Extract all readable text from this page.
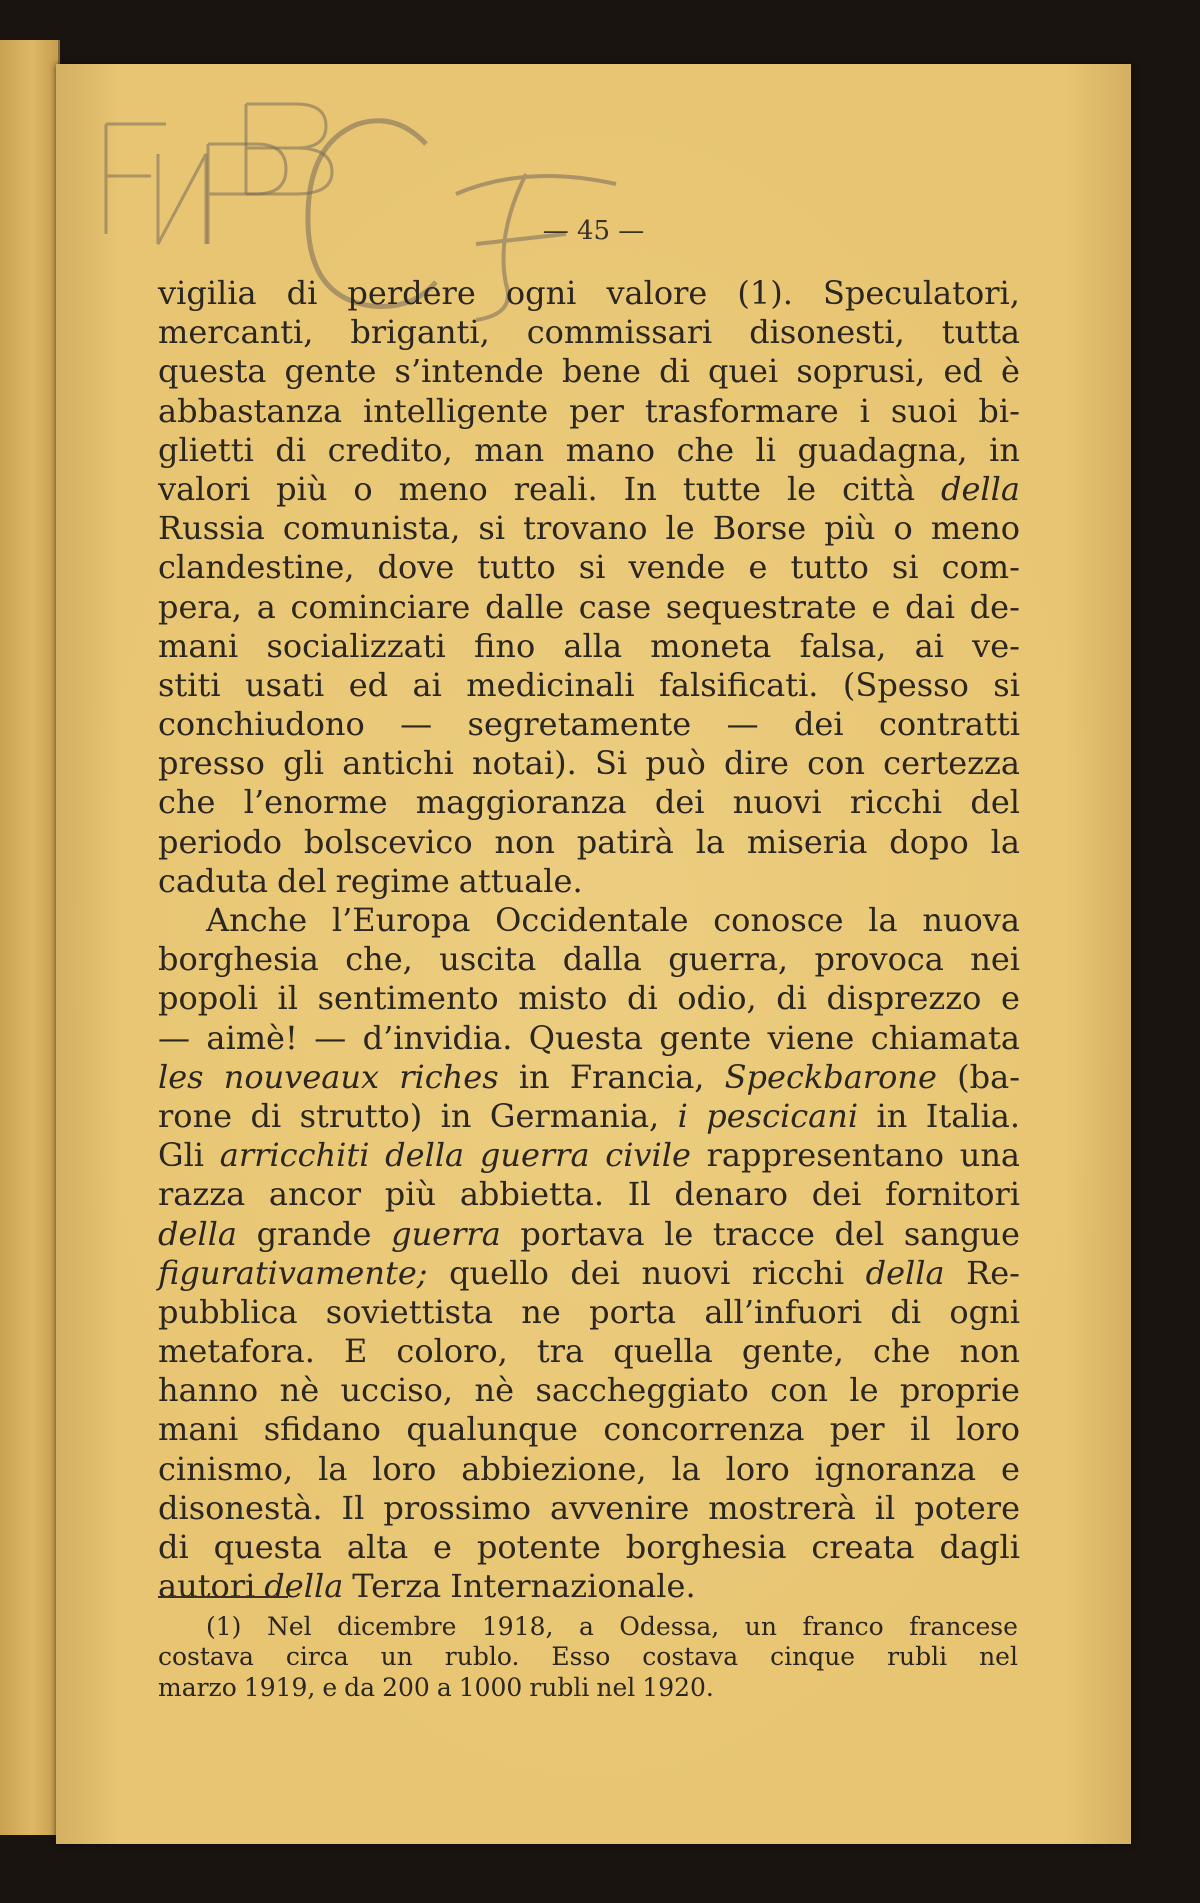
— 45 —
vigilia di perdere ogni valore (1). Speculatori,
mercanti, briganti, commissari disonesti, tutta
questa gente s’intende bene di quei soprusi, ed è
abbastanza intelligente per trasformare i suoi bi-
glietti di credito, man mano che li guadagna, in
valori più o meno reali. In tutte le città della
Russia comunista, si trovano le Borse più o meno
clandestine, dove tutto si vende e tutto si com-
pera, a cominciare dalle case sequestrate e dai de-
mani socializzati fino alla moneta falsa, ai ve-
stiti usati ed ai medicinali falsificati. (Spesso si
conchiudono — segretamente — dei contratti
presso gli antichi notai). Si può dire con certezza
che l’enorme maggioranza dei nuovi ricchi del
periodo bolscevico non patirà la miseria dopo la
caduta del regime attuale.
Anche l’Europa Occidentale conosce la nuova
borghesia che, uscita dalla guerra, provoca nei
popoli il sentimento misto di odio, di disprezzo e
— aimè! — d’invidia. Questa gente viene chiamata
les nouveaux riches in Francia, Speckbarone (ba-
rone di strutto) in Germania, i pescicani in Italia.
Gli arricchiti della guerra civile rappresentano una
razza ancor più abbietta. Il denaro dei fornitori
della grande guerra portava le tracce del sangue
figurativamente; quello dei nuovi ricchi della Re-
pubblica soviettista ne porta all’infuori di ogni
metafora. E coloro, tra quella gente, che non
hanno nè ucciso, nè saccheggiato con le proprie
mani sfidano qualunque concorrenza per il loro
cinismo, la loro abbiezione, la loro ignoranza e
disonestà. Il prossimo avvenire mostrerà il potere
di questa alta e potente borghesia creata dagli
autori della Terza Internazionale.
(1) Nel dicembre 1918, a Odessa, un franco francese
costava circa un rublo. Esso costava cinque rubli nel
marzo 1919, e da 200 a 1000 rubli nel 1920.
